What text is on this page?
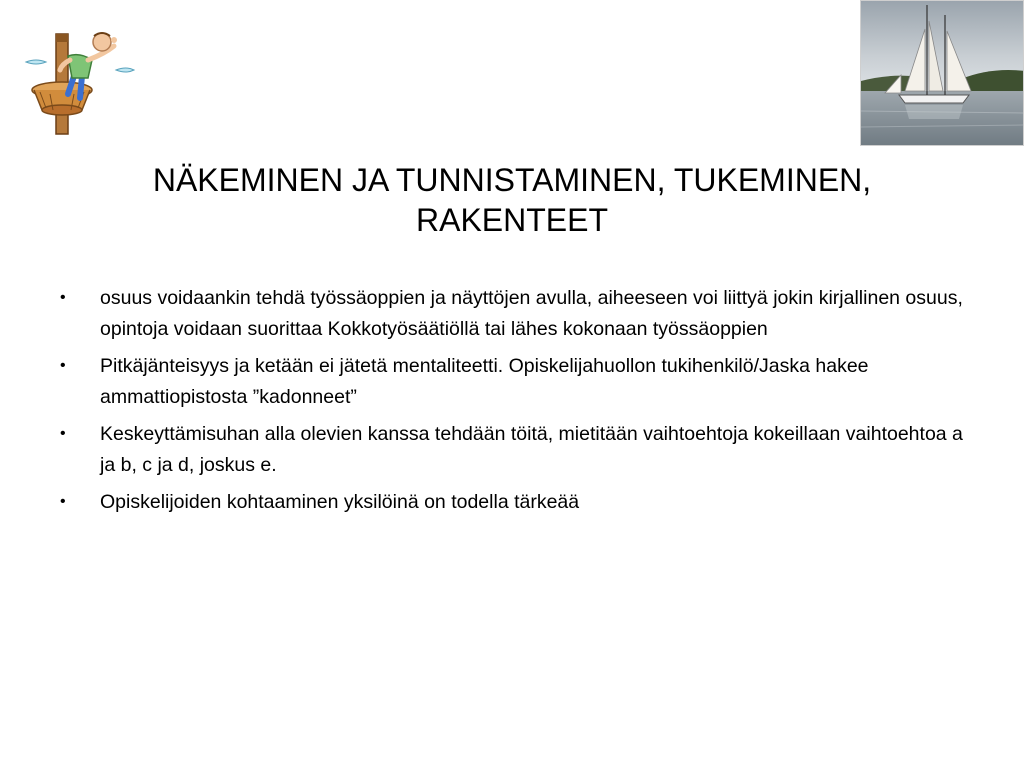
NÄKEMINEN JA TUNNISTAMINEN, TUKEMINEN, RAKENTEET
•	osuus voidaankin tehdä työssäoppien ja näyttöjen avulla, aiheeseen voi liittyä jokin kirjallinen osuus, opintoja voidaan suorittaa Kokkotyösäätiöllä tai lähes kokonaan työssäoppien
•	Pitkäjänteisyys ja ketään ei jätetä mentaliteetti. Opiskelijahuollon tukihenkilö/Jaska hakee ammattiopistosta ”kadonneet”
•	Keskeyttämisuhan alla olevien kanssa tehdään töitä, mietitään vaihtoehtoja kokeillaan vaihtoehtoa a ja b, c ja d, joskus e.
•	Opiskelijoiden kohtaaminen yksilöinä on todella tärkeää
